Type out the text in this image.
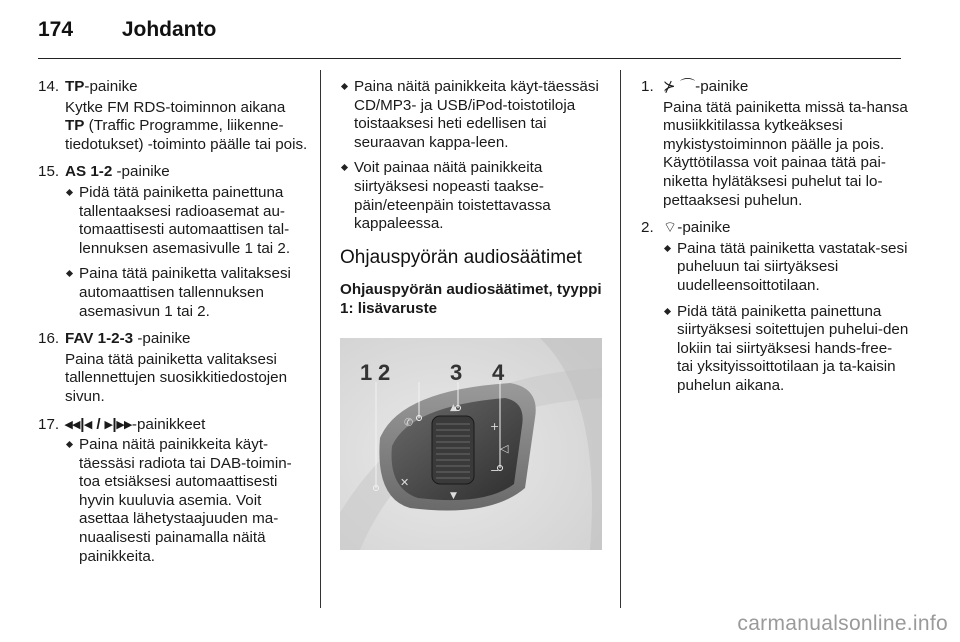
174 Johdanto
14. TP-painike
Kytke FM RDS-toiminnon aikana TP (Traffic Programme, liikenne-tiedotukset) -toiminto päälle tai pois.
15. AS 1-2 -painike
Pidä tätä painiketta painettuna tallentaaksesi radioasemat au-tomaattisesti automaattisen tal-lennuksen asemasivulle 1 tai 2.
Paina tätä painiketta valitaksesi automaattisen tallennuksen asemasivun 1 tai 2.
16. FAV 1-2-3 -painike
Paina tätä painiketta valitaksesi tallennettujen suosikkitiedostojen sivun.
17. ◂◂|◂ / ▸|▸▸-painikkeet
Paina näitä painikkeita käyt-täessäsi radiota tai DAB-toimin-toa etsiäksesi automaattisesti hyvin kuuluvia asemia. Voit asettaa lähetystaajuuden ma-nuaalisesti painamalla näitä painikkeita.
Paina näitä painikkeita käyt-täessäsi CD/MP3- ja USB/iPod-toistotiloja toistaaksesi heti edellisen tai seuraavan kappa-leen.
Voit painaa näitä painikkeita siirtyäksesi nopeasti taakse-päin/eteenpäin toistettavassa kappaleessa.
Ohjauspyörän audiosäätimet
Ohjauspyörän audiosäätimet, tyyppi 1: lisävaruste
▲
▼
✆
✕
+
◁
−
1 2	3 4
1. ⊁ ⌒-painike
Paina tätä painiketta missä ta-hansa musiikkitilassa kytkeäksesi mykistystoiminnon päälle ja pois. Käyttötilassa voit painaa tätä pai-niketta hylätäksesi puhelut tai lo-pettaaksesi puhelun.
2. ⌔-painike
Paina tätä painiketta vastatak-sesi puheluun tai siirtyäksesi uudelleensoittotilaan.
Pidä tätä painiketta painettuna siirtyäksesi soitettujen puhelui-den lokiin tai siirtyäksesi hands-free- tai yksityissoittotilaan ja ta-kaisin puhelun aikana.
carmanualsonline.info
